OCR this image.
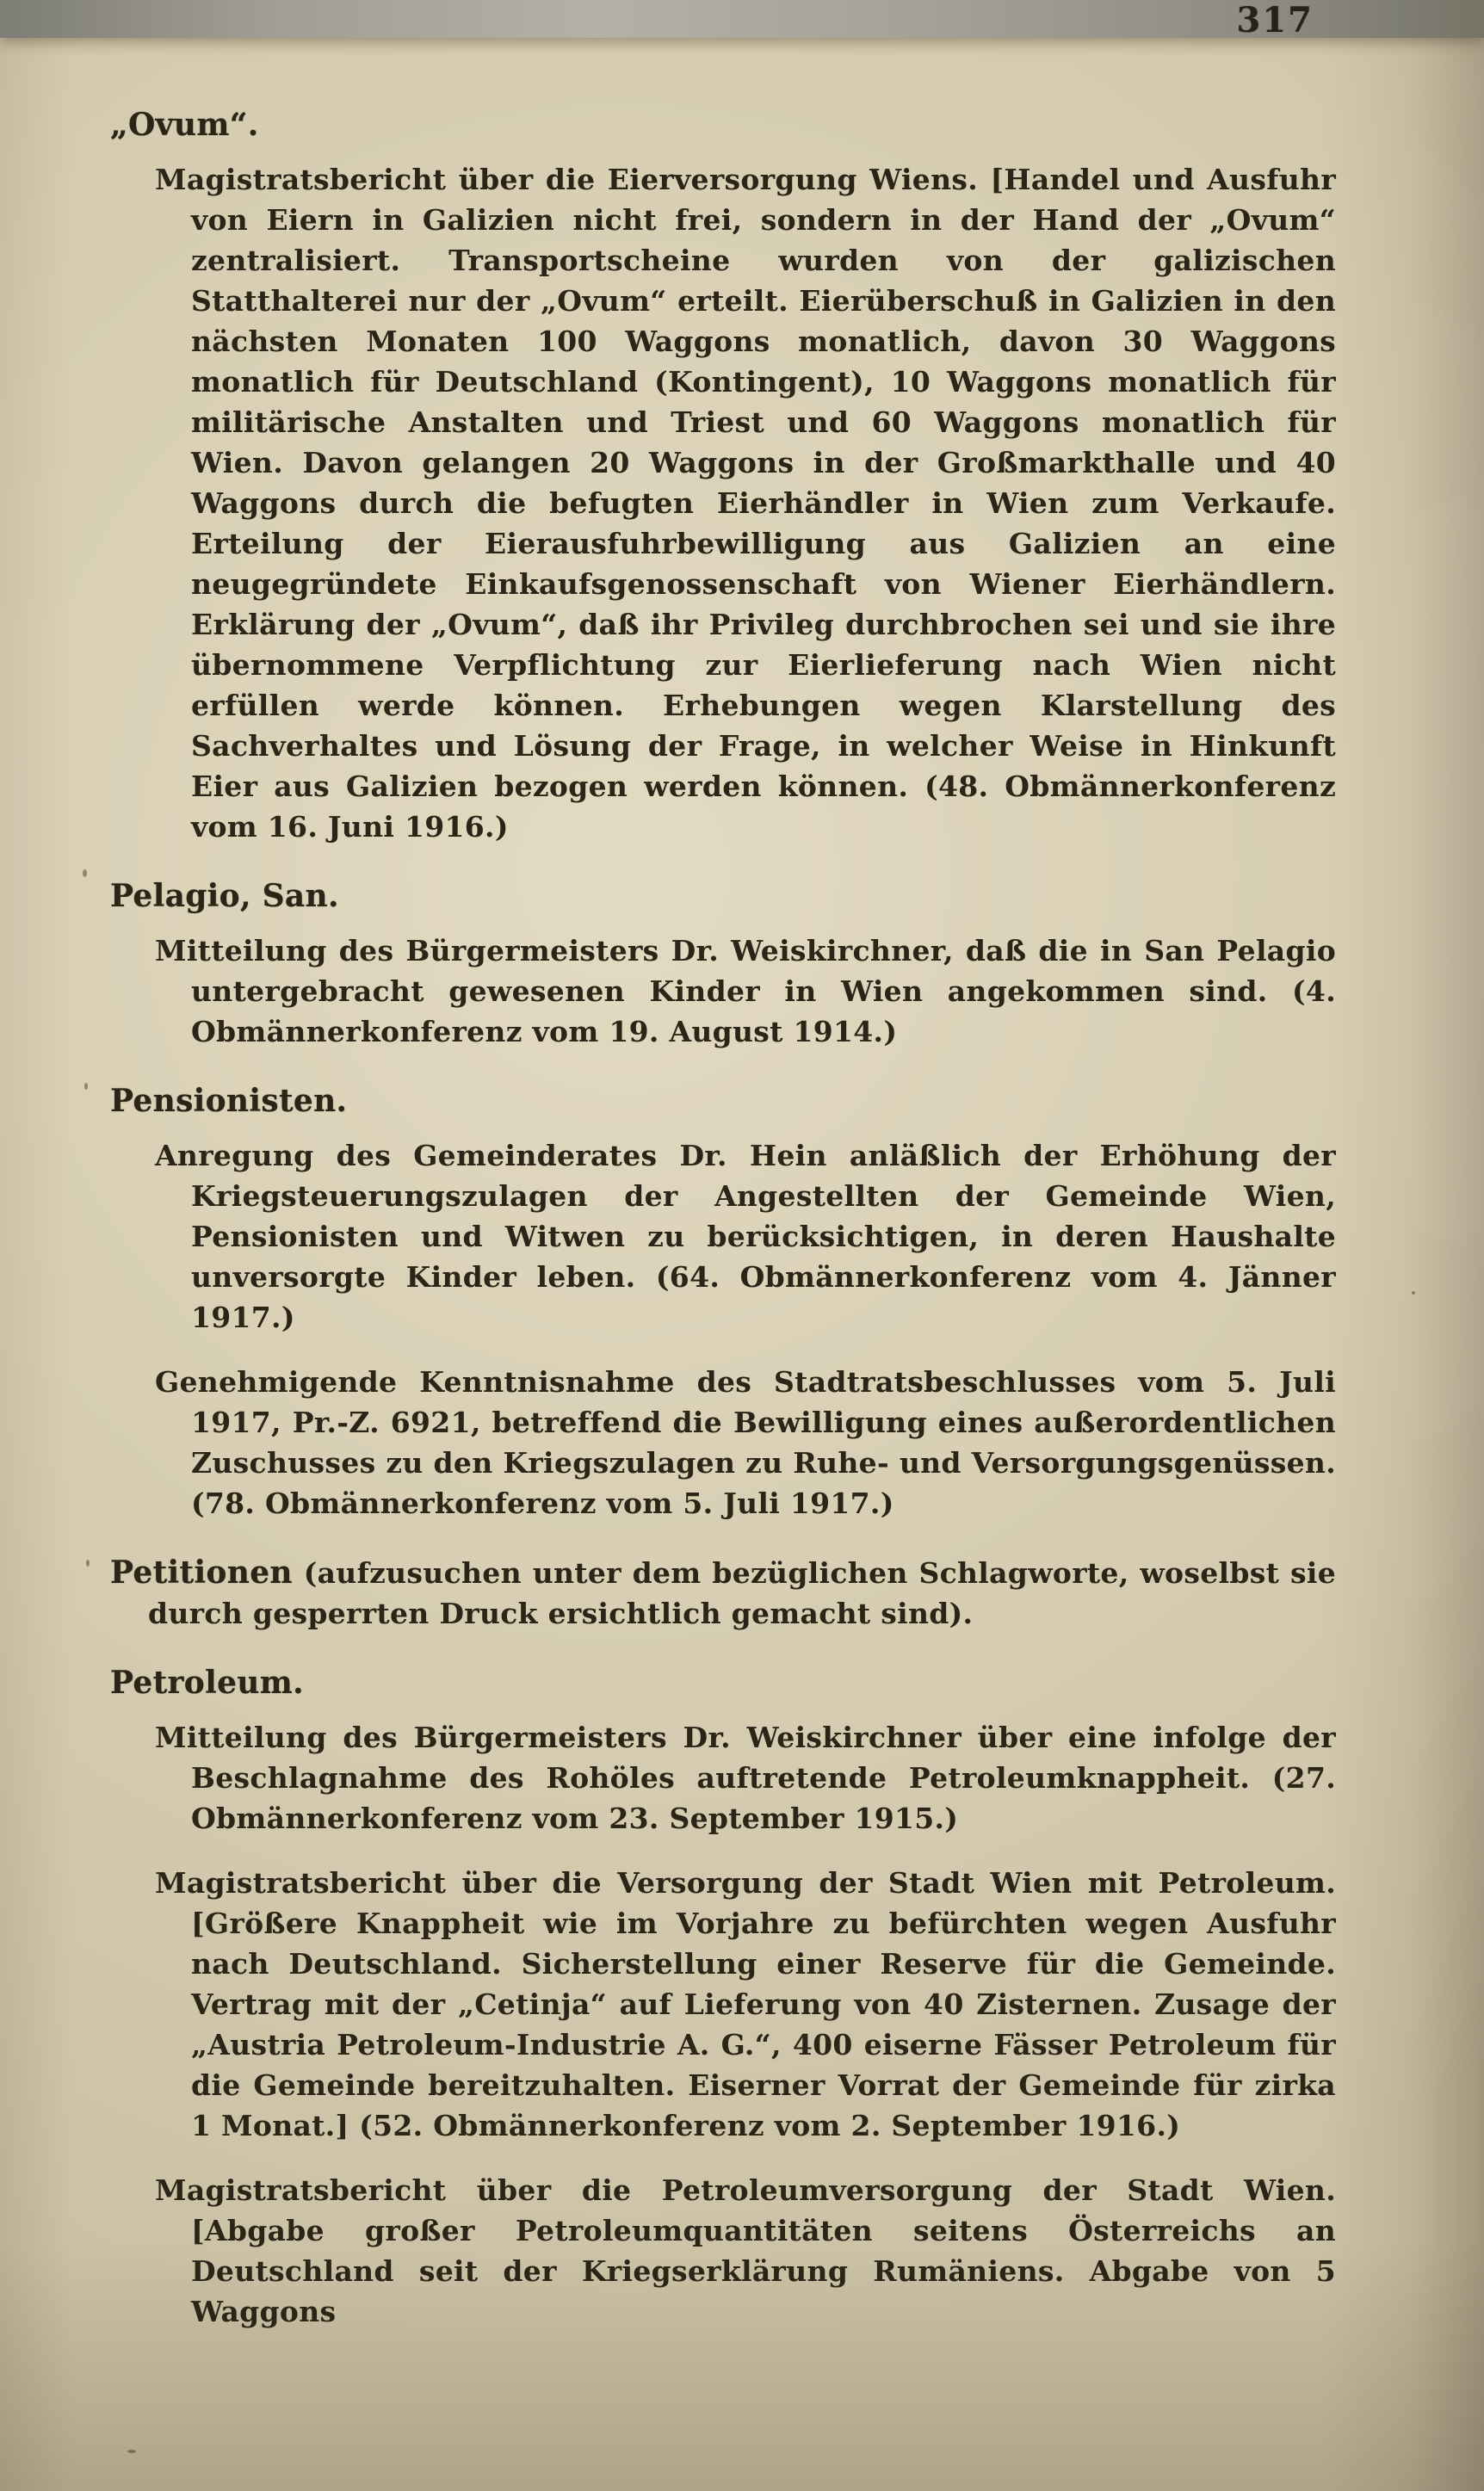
317
„Ovum“.

Magistratsbericht über die Eierversorgung Wiens. [Handel und Ausfuhr von Eiern in Galizien nicht frei, sondern in der Hand der „Ovum“ zentralisiert. Transportscheine wurden von der galizischen Statthalterei nur der „Ovum“ erteilt. Eierüberschuß in Galizien in den nächsten Monaten 100 Waggons monatlich, davon 30 Waggons monatlich für Deutschland (Kontingent), 10 Waggons monatlich für militärische Anstalten und Triest und 60 Waggons monatlich für Wien. Davon gelangen 20 Waggons in der Großmarkthalle und 40 Waggons durch die befugten Eierhändler in Wien zum Verkaufe. Erteilung der Eierausfuhrbewilligung aus Galizien an eine neugegründete Einkaufsgenossenschaft von Wiener Eierhändlern. Erklärung der „Ovum“, daß ihr Privileg durchbrochen sei und sie ihre übernommene Verpflichtung zur Eierlieferung nach Wien nicht erfüllen werde können. Erhebungen wegen Klarstellung des Sachverhaltes und Lösung der Frage, in welcher Weise in Hinkunft Eier aus Galizien bezogen werden können. (48. Obmännerkonferenz vom 16. Juni 1916.)

Pelagio, San.

Mitteilung des Bürgermeisters Dr. Weiskirchner, daß die in San Pelagio untergebracht gewesenen Kinder in Wien angekommen sind. (4. Obmännerkonferenz vom 19. August 1914.)

Pensionisten.

Anregung des Gemeinderates Dr. Hein anläßlich der Erhöhung der Kriegsteuerungszulagen der Angestellten der Gemeinde Wien, Pensionisten und Witwen zu berücksichtigen, in deren Haushalte unversorgte Kinder leben. (64. Obmännerkonferenz vom 4. Jänner 1917.)

Genehmigende Kenntnisnahme des Stadtratsbeschlusses vom 5. Juli 1917, Pr.-Z. 6921, betreffend die Bewilligung eines außerordentlichen Zuschusses zu den Kriegszulagen zu Ruhe- und Versorgungsgenüssen. (78. Obmännerkonferenz vom 5. Juli 1917.)

Petitionen (aufzusuchen unter dem bezüglichen Schlagworte, woselbst sie durch gesperrten Druck ersichtlich gemacht sind).

Petroleum.

Mitteilung des Bürgermeisters Dr. Weiskirchner über eine infolge der Beschlagnahme des Rohöles auftretende Petroleumknappheit. (27. Obmännerkonferenz vom 23. September 1915.)

Magistratsbericht über die Versorgung der Stadt Wien mit Petroleum. [Größere Knappheit wie im Vorjahre zu befürchten wegen Ausfuhr nach Deutschland. Sicherstellung einer Reserve für die Gemeinde. Vertrag mit der „Cetinja“ auf Lieferung von 40 Zisternen. Zusage der „Austria Petroleum-Industrie A. G.“, 400 eiserne Fässer Petroleum für die Gemeinde bereitzuhalten. Eiserner Vorrat der Gemeinde für zirka 1 Monat.] (52. Obmännerkonferenz vom 2. September 1916.)

Magistratsbericht über die Petroleumversorgung der Stadt Wien. [Abgabe großer Petroleumquantitäten seitens Österreichs an Deutschland seit der Kriegserklärung Rumäniens. Abgabe von 5 Waggons
